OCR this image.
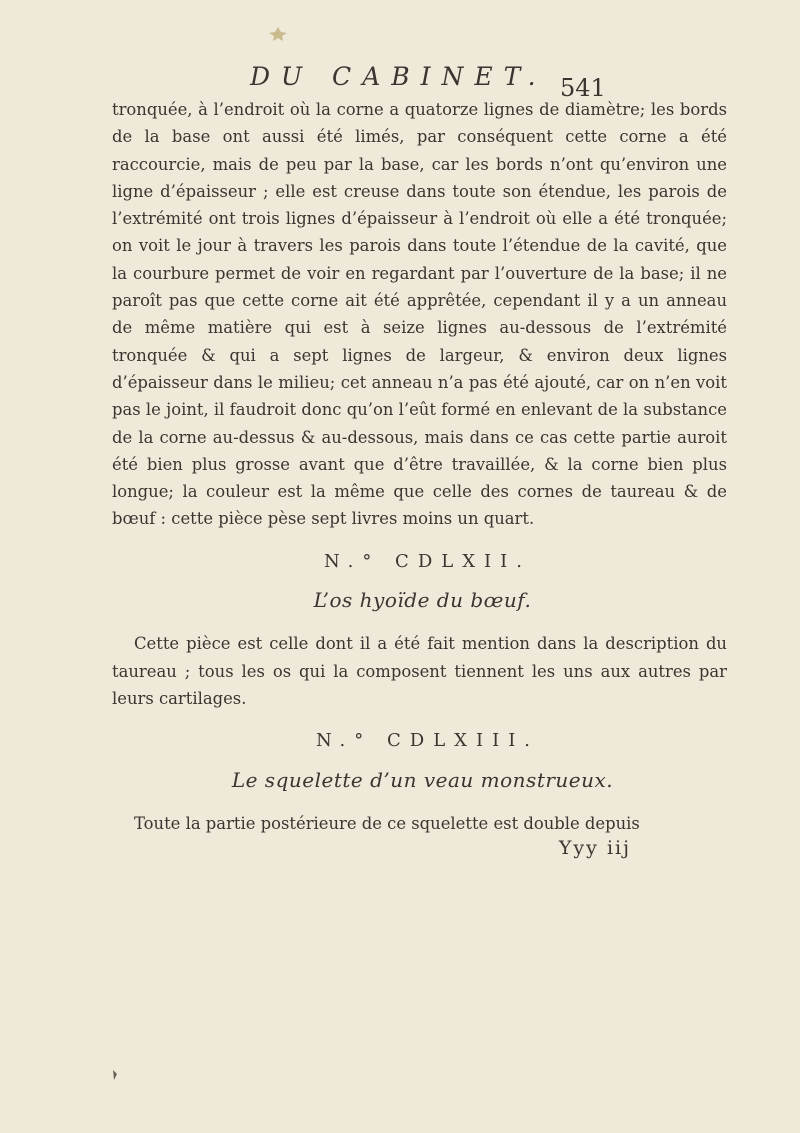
DU CABINET. 541

tronquée, à l’endroit où la corne a quatorze lignes de diamètre; les bords de la base ont aussi été limés, par conséquent cette corne a été raccourcie, mais de peu par la base, car les bords n’ont qu’environ une ligne d’épaisseur ; elle est creuse dans toute son étendue, les parois de l’extrémité ont trois lignes d’épaisseur à l’endroit où elle a été tronquée; on voit le jour à travers les parois dans toute l’étendue de la cavité, que la courbure permet de voir en regardant par l’ouverture de la base; il ne paroît pas que cette corne ait été apprêtée, cependant il y a un anneau de même matière qui est à seize lignes au-dessous de l’extrémité tronquée & qui a sept lignes de largeur, & environ deux lignes d’épaisseur dans le milieu; cet anneau n’a pas été ajouté, car on n’en voit pas le joint, il faudroit donc qu’on l’eût formé en enlevant de la substance de la corne au-dessus & au-dessous, mais dans ce cas cette partie auroit été bien plus grosse avant que d’être travaillée, & la corne bien plus longue; la couleur est la même que celle des cornes de taureau & de bœuf : cette pièce pèse sept livres moins un quart.

N.° CDLXII.

L’os hyoïde du bœuf.

Cette pièce est celle dont il a été fait mention dans la description du taureau ; tous les os qui la composent tiennent les uns aux autres par leurs cartilages.

N.° CDLXIII.

Le squelette d’un veau monstrueux.

Toute la partie postérieure de ce squelette est double depuis

Yyy iij
